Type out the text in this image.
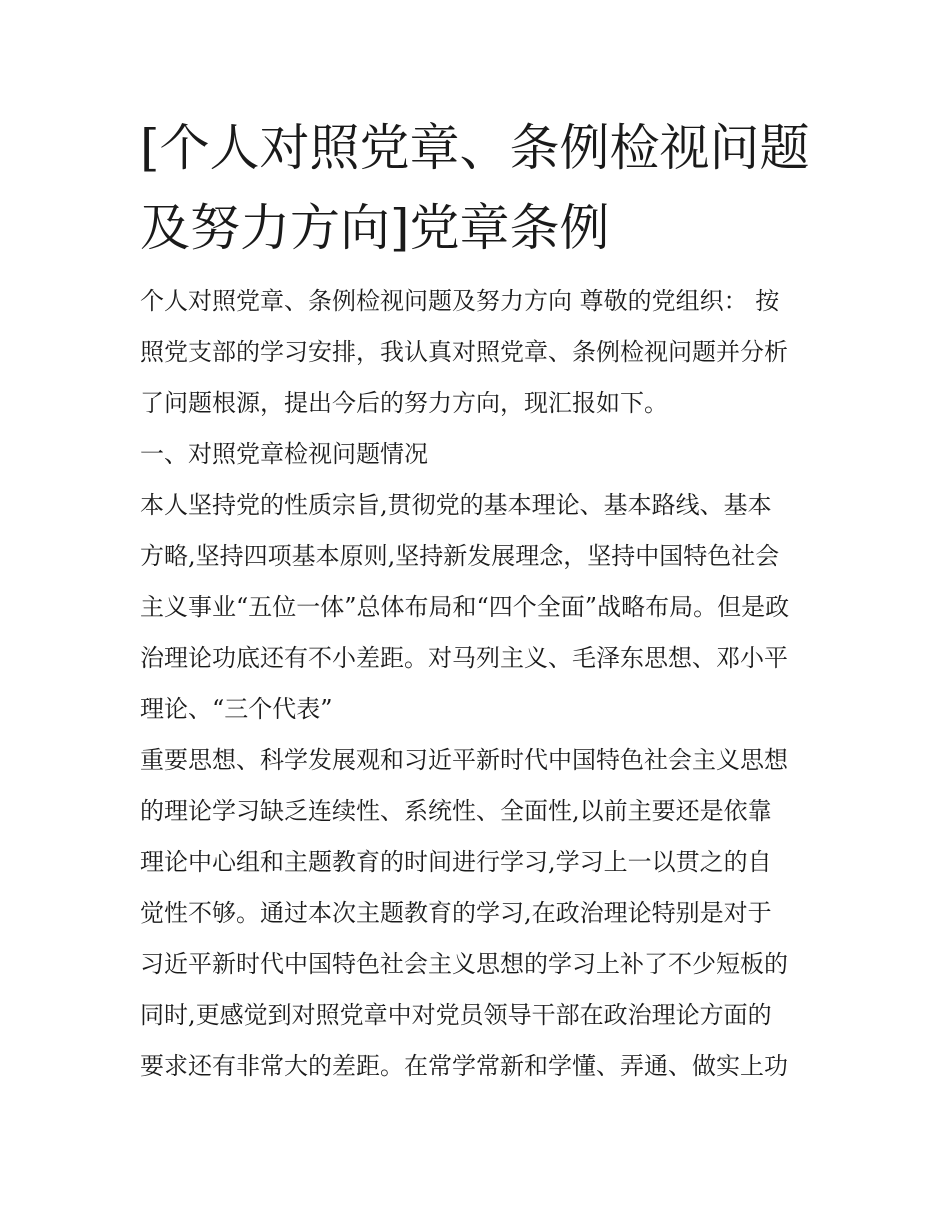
[个人对照党章、条例检视问题
及努力方向]党章条例
个人对照党章、条例检视问题及努力方向 尊敬的党组织： 按
照党支部的学习安排，我认真对照党章、条例检视问题并分析
了问题根源，提出今后的努力方向，现汇报如下。
一、对照党章检视问题情况
本人坚持党的性质宗旨,贯彻党的基本理论、基本路线、基本
方略,坚持四项基本原则,坚持新发展理念，坚持中国特色社会
主义事业“五位一体”总体布局和“四个全面”战略布局。但是政
治理论功底还有不小差距。对马列主义、毛泽东思想、邓小平
理论、“三个代表”
重要思想、科学发展观和习近平新时代中国特色社会主义思想
的理论学习缺乏连续性、系统性、全面性,以前主要还是依靠
理论中心组和主题教育的时间进行学习,学习上一以贯之的自
觉性不够。通过本次主题教育的学习,在政治理论特别是对于
习近平新时代中国特色社会主义思想的学习上补了不少短板的
同时,更感觉到对照党章中对党员领导干部在政治理论方面的
要求还有非常大的差距。在常学常新和学懂、弄通、做实上功
